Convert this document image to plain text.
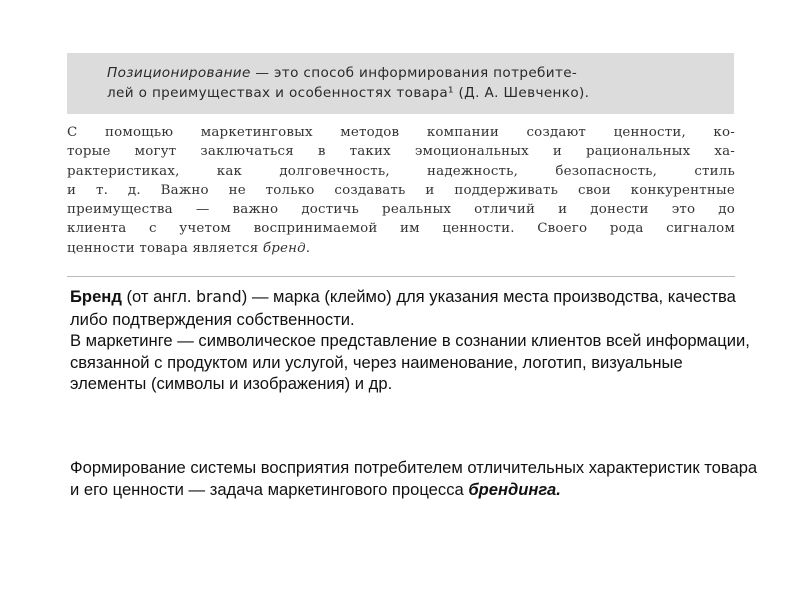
Позиционирование — это способ информирования потребите-
лей о преимуществах и особенностях товара¹ (Д. А. Шевченко).
С помощью маркетинговых методов компании создают ценности, ко-
торые могут заключаться в таких эмоциональных и рациональных ха-
рактеристиках, как долговечность, надежность, безопасность, стиль
и т. д. Важно не только создавать и поддерживать свои конкурентные
преимущества — важно достичь реальных отличий и донести это до
клиента с учетом воспринимаемой им ценности. Своего рода сигналом
ценности товара является бренд.

Бренд (от англ. brand) — марка (клеймо) для указания места производства, качества либо подтверждения собственности.

В маркетинге — символическое представление в сознании клиентов всей информации, связанной с продуктом или услугой, через наименование, логотип, визуальные элементы (символы и изображения) и др.

Формирование системы восприятия потребителем отличительных характеристик товара и его ценности — задача маркетингового процесса брендинга.
